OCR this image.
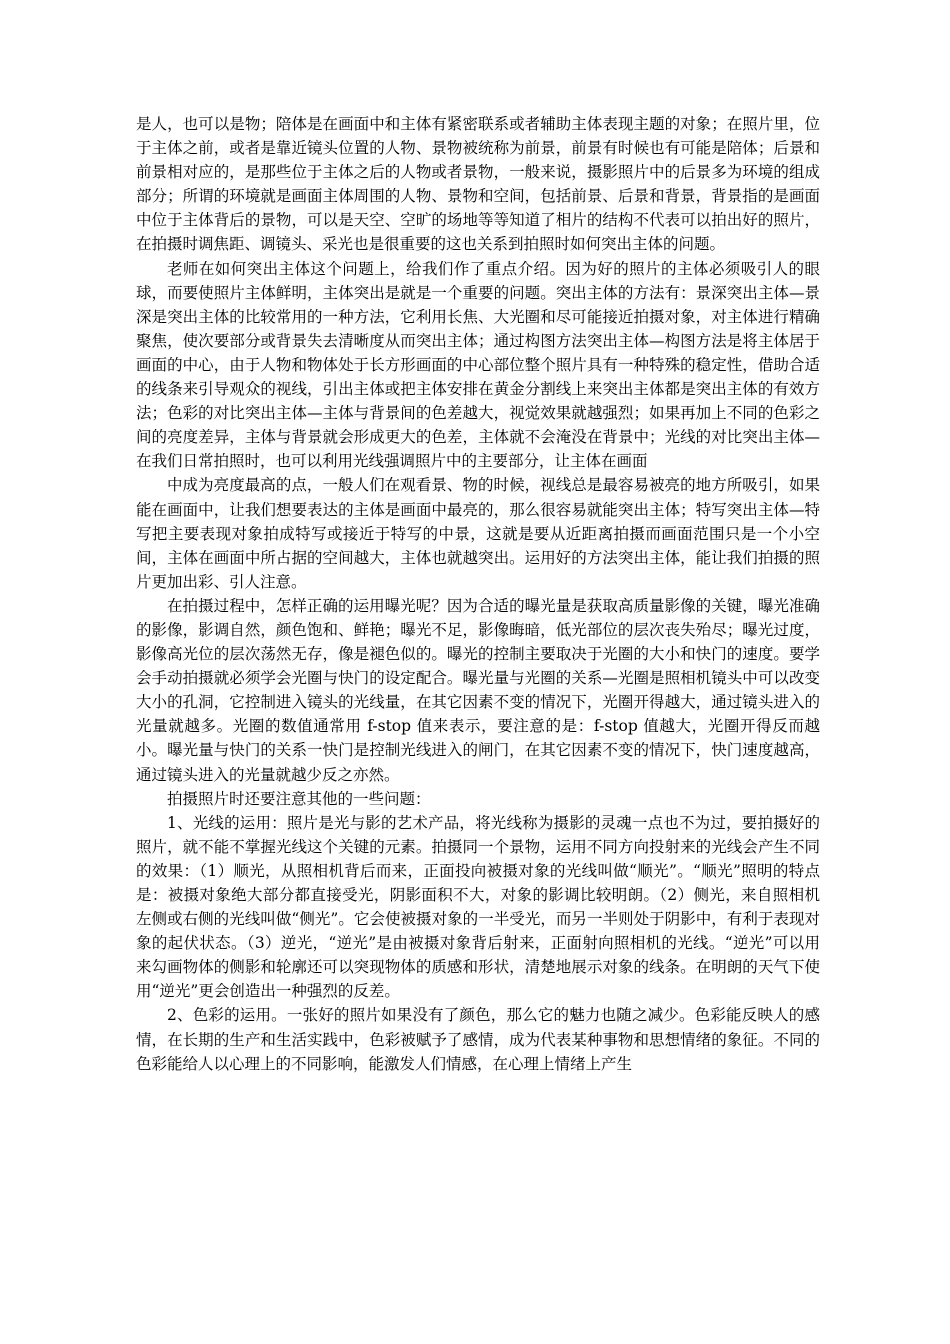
是人，也可以是物；陪体是在画面中和主体有紧密联系或者辅助主体表现主题的对象；在照片里，位于主体之前，或者是靠近镜头位置的人物、景物被统称为前景，前景有时候也有可能是陪体；后景和前景相对应的，是那些位于主体之后的人物或者景物，一般来说，摄影照片中的后景多为环境的组成部分；所谓的环境就是画面主体周围的人物、景物和空间，包括前景、后景和背景，背景指的是画面中位于主体背后的景物，可以是天空、空旷的场地等等知道了相片的结构不代表可以拍出好的照片，在拍摄时调焦距、调镜头、采光也是很重要的这也关系到拍照时如何突出主体的问题。

老师在如何突出主体这个问题上，给我们作了重点介绍。因为好的照片的主体必须吸引人的眼球，而要使照片主体鲜明，主体突出是就是一个重要的问题。突出主体的方法有：景深突出主体—景深是突出主体的比较常用的一种方法，它利用长焦、大光圈和尽可能接近拍摄对象，对主体进行精确聚焦，使次要部分或背景失去清晰度从而突出主体；通过构图方法突出主体—构图方法是将主体居于画面的中心，由于人物和物体处于长方形画面的中心部位整个照片具有一种特殊的稳定性，借助合适的线条来引导观众的视线，引出主体或把主体安排在黄金分割线上来突出主体都是突出主体的有效方法；色彩的对比突出主体—主体与背景间的色差越大，视觉效果就越强烈；如果再加上不同的色彩之间的亮度差异，主体与背景就会形成更大的色差，主体就不会淹没在背景中；光线的对比突出主体—在我们日常拍照时，也可以利用光线强调照片中的主要部分，让主体在画面

中成为亮度最高的点，一般人们在观看景、物的时候，视线总是最容易被亮的地方所吸引，如果能在画面中，让我们想要表达的主体是画面中最亮的，那么很容易就能突出主体；特写突出主体—特写把主要表现对象拍成特写或接近于特写的中景，这就是要从近距离拍摄而画面范围只是一个小空间，主体在画面中所占据的空间越大，主体也就越突出。运用好的方法突出主体，能让我们拍摄的照片更加出彩、引人注意。

在拍摄过程中，怎样正确的运用曝光呢？因为合适的曝光量是获取高质量影像的关键，曝光准确的影像，影调自然，颜色饱和、鲜艳；曝光不足，影像晦暗，低光部位的层次丧失殆尽；曝光过度，影像高光位的层次荡然无存，像是褪色似的。曝光的控制主要取决于光圈的大小和快门的速度。要学会手动拍摄就必须学会光圈与快门的设定配合。曝光量与光圈的关系—光圈是照相机镜头中可以改变大小的孔洞，它控制进入镜头的光线量，在其它因素不变的情况下，光圈开得越大，通过镜头进入的光量就越多。光圈的数值通常用 f-stop 值来表示，要注意的是：f-stop 值越大，光圈开得反而越小。曝光量与快门的关系一快门是控制光线进入的闸门，在其它因素不变的情况下，快门速度越高，通过镜头进入的光量就越少反之亦然。

拍摄照片时还要注意其他的一些问题：

1、光线的运用：照片是光与影的艺术产品，将光线称为摄影的灵魂一点也不为过，要拍摄好的照片，就不能不掌握光线这个关键的元素。拍摄同一个景物，运用不同方向投射来的光线会产生不同的效果：（1）顺光，从照相机背后而来，正面投向被摄对象的光线叫做“顺光”。“顺光”照明的特点是：被摄对象绝大部分都直接受光，阴影面积不大，对象的影调比较明朗。（2）侧光，来自照相机左侧或右侧的光线叫做“侧光”。它会使被摄对象的一半受光，而另一半则处于阴影中，有利于表现对象的起伏状态。（3）逆光，“逆光”是由被摄对象背后射来，正面射向照相机的光线。“逆光”可以用来勾画物体的侧影和轮廓还可以突现物体的质感和形状，清楚地展示对象的线条。在明朗的天气下使用“逆光”更会创造出一种强烈的反差。

2、色彩的运用。一张好的照片如果没有了颜色，那么它的魅力也随之减少。色彩能反映人的感情，在长期的生产和生活实践中，色彩被赋予了感情，成为代表某种事物和思想情绪的象征。不同的色彩能给人以心理上的不同影响，能激发人们情感，在心理上情绪上产生
